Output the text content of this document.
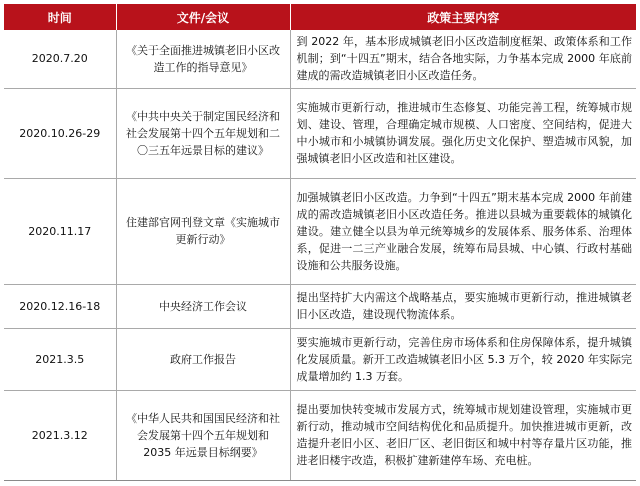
时间	文件/会议	政策主要内容
2020.7.20	《关于全面推进城镇老旧小区改造工作的指导意见》	到 2022 年，基本形成城镇老旧小区改造制度框架、政策体系和工作机制；到“十四五”期末，结合各地实际，力争基本完成 2000 年底前建成的需改造城镇老旧小区改造任务。
2020.10.26-29	《中共中央关于制定国民经济和社会发展第十四个五年规划和二〇三五年远景目标的建议》	实施城市更新行动，推进城市生态修复、功能完善工程，统筹城市规划、建设、管理，合理确定城市规模、人口密度、空间结构，促进大中小城市和小城镇协调发展。强化历史文化保护、塑造城市风貌，加强城镇老旧小区改造和社区建设。
2020.11.17	住建部官网刊登文章《实施城市更新行动》	加强城镇老旧小区改造。力争到“十四五”期末基本完成 2000 年前建成的需改造城镇老旧小区改造任务。推进以县城为重要载体的城镇化建设。建立健全以县为单元统筹城乡的发展体系、服务体系、治理体系，促进一二三产业融合发展，统筹布局县城、中心镇、行政村基础设施和公共服务设施。
2020.12.16-18	中央经济工作会议	提出坚持扩大内需这个战略基点，要实施城市更新行动，推进城镇老旧小区改造，建设现代物流体系。
2021.3.5	政府工作报告	要实施城市更新行动，完善住房市场体系和住房保障体系，提升城镇化发展质量。新开工改造城镇老旧小区 5.3 万个，较 2020 年实际完成量增加约 1.3 万套。
2021.3.12	《中华人民共和国国民经济和社会发展第十四个五年规划和 2035 年远景目标纲要》	提出要加快转变城市发展方式，统筹城市规划建设管理，实施城市更新行动，推动城市空间结构优化和品质提升。加快推进城市更新，改造提升老旧小区、老旧厂区、老旧街区和城中村等存量片区功能，推进老旧楼宇改造，积极扩建新建停车场、充电桩。
